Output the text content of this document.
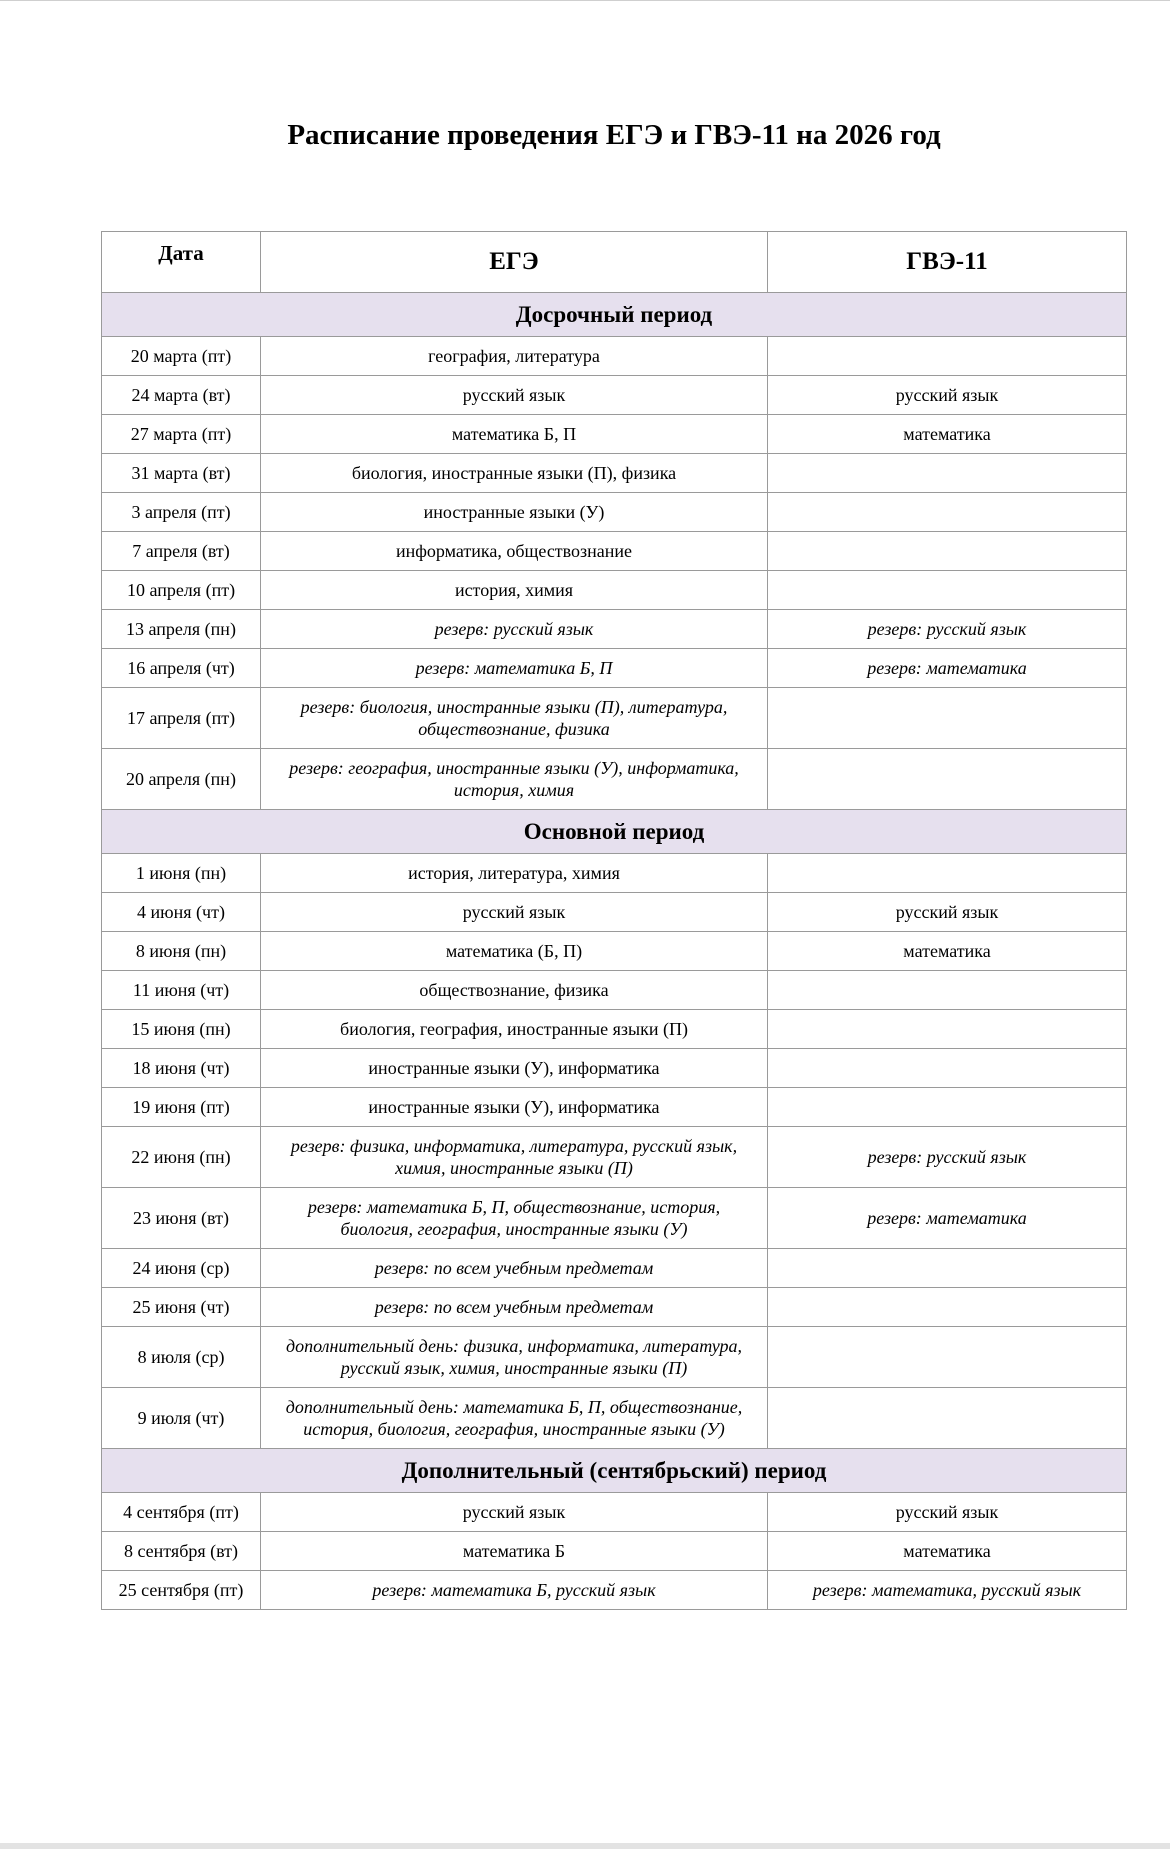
Расписание проведения ЕГЭ и ГВЭ-11 на 2026 год
Дата	ЕГЭ	ГВЭ-11
Досрочный период		
20 марта (пт)	география, литература	
24 марта (вт)	русский язык	русский язык
27 марта (пт)	математика Б, П	математика
31 марта (вт)	биология, иностранные языки (П), физика	
3 апреля (пт)	иностранные языки (У)	
7 апреля (вт)	информатика, обществознание	
10 апреля (пт)	история, химия	
13 апреля (пн)	резерв: русский язык	резерв: русский язык
16 апреля (чт)	резерв: математика Б, П	резерв: математика
17 апреля (пт)	резерв: биология, иностранные языки (П), литература, обществознание, физика	

20 апреля (пн)	резерв: география, иностранные языки (У), информатика, история, химия	

Основной период		
1 июня (пн)	история, литература, химия	
4 июня (чт)	русский язык	русский язык
8 июня (пн)	математика (Б, П)	математика
11 июня (чт)	обществознание, физика	
15 июня (пн)	биология, география, иностранные языки (П)	
18 июня (чт)	иностранные языки (У), информатика	
19 июня (пт)	иностранные языки (У), информатика	
22 июня (пн)	резерв: физика, информатика, литература, русский язык, химия, иностранные языки (П)	резерв: русский язык
23 июня (вт)	резерв: математика Б, П, обществознание, история, биология, география, иностранные языки (У)	резерв: математика
24 июня (ср)	резерв: по всем учебным предметам	
25 июня (чт)	резерв: по всем учебным предметам	
8 июля (ср)	дополнительный день: физика, информатика, литература, русский язык, химия, иностранные языки (П)	

9 июля (чт)	дополнительный день: математика Б, П, обществознание, история, биология, география, иностранные языки (У)	

Дополнительный (сентябрьский) период		
4 сентября (пт)	русский язык	русский язык
8 сентября (вт)	математика Б	математика
25 сентября (пт)	резерв: математика Б, русский язык	резерв: математика, русский язык
